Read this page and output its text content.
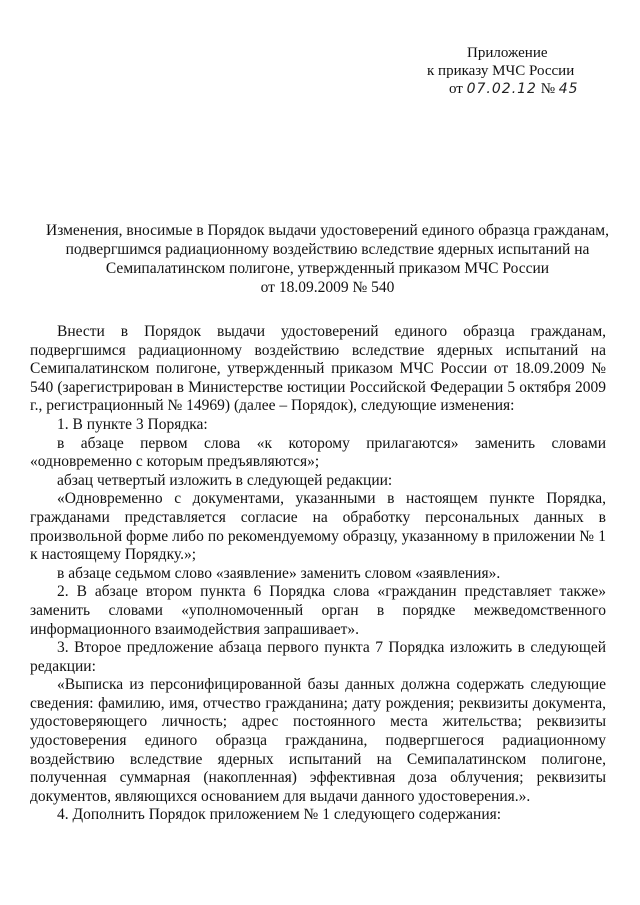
Приложение
к приказу МЧС России
от 07.02.12 № 45
Изменения, вносимые в Порядок выдачи удостоверений единого образца гражданам,
подвергшимся радиационному воздействию вследствие ядерных испытаний на
Семипалатинском полигоне, утвержденный приказом МЧС России
от 18.09.2009 № 540

Внести в Порядок выдачи удостоверений единого образца гражданам, подвергшимся радиационному воздействию вследствие ядерных испытаний на Семипалатинском полигоне, утвержденный приказом МЧС России от 18.09.2009 № 540 (зарегистрирован в Министерстве юстиции Российской Федерации 5 октября 2009 г., регистрационный № 14969) (далее – Порядок), следующие изменения:

1. В пункте 3 Порядка:

в абзаце первом слова «к которому прилагаются» заменить словами «одновременно с которым предъявляются»;

абзац четвертый изложить в следующей редакции:

«Одновременно с документами, указанными в настоящем пункте Порядка, гражданами представляется согласие на обработку персональных данных в произвольной форме либо по рекомендуемому образцу, указанному в приложении № 1 к настоящему Порядку.»;

в абзаце седьмом слово «заявление» заменить словом «заявления».

2. В абзаце втором пункта 6 Порядка слова «гражданин представляет также» заменить словами «уполномоченный орган в порядке межведомственного информационного взаимодействия запрашивает».

3. Второе предложение абзаца первого пункта 7 Порядка изложить в следующей редакции:

«Выписка из персонифицированной базы данных должна содержать следующие сведения: фамилию, имя, отчество гражданина; дату рождения; реквизиты документа, удостоверяющего личность; адрес постоянного места жительства; реквизиты удостоверения единого образца гражданина, подвергшегося радиационному воздействию вследствие ядерных испытаний на Семипалатинском полигоне, полученная суммарная (накопленная) эффективная доза облучения; реквизиты документов, являющихся основанием для выдачи данного удостоверения.».

4. Дополнить Порядок приложением № 1 следующего содержания:
